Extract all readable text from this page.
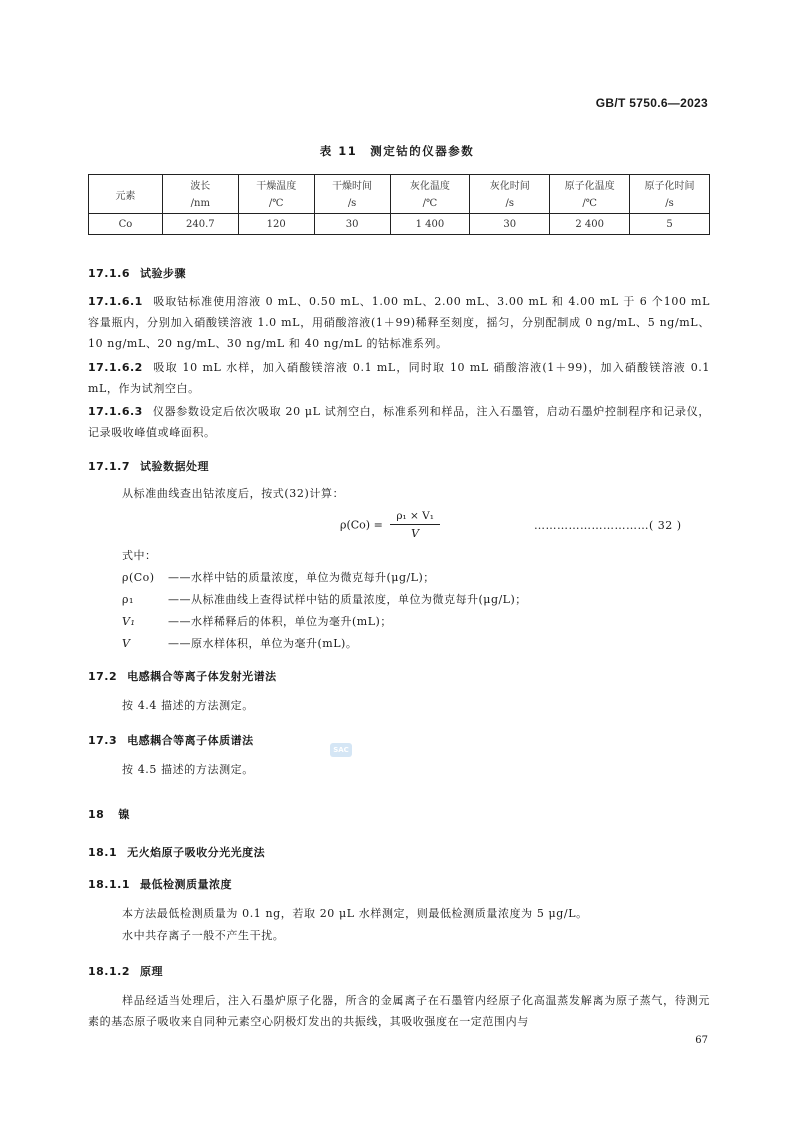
GB/T 5750.6—2023
表 11　测定钴的仪器参数
元素	波长	干燥温度	干燥时间	灰化温度	灰化时间	原子化温度	原子化时间
	/nm	/℃	/s	/℃	/s	/℃	/s
Co	240.7	120	30	1 400	30	2 400	5
17.1.6 试验步骤
17.1.6.1 吸取钴标准使用溶液 0 mL、0.50 mL、1.00 mL、2.00 mL、3.00 mL 和 4.00 mL 于 6 个100 mL 容量瓶内，分别加入硝酸镁溶液 1.0 mL，用硝酸溶液(1＋99)稀释至刻度，摇匀，分别配制成 0 ng/mL、5 ng/mL、10 ng/mL、20 ng/mL、30 ng/mL 和 40 ng/mL 的钴标准系列。
17.1.6.2 吸取 10 mL 水样，加入硝酸镁溶液 0.1 mL，同时取 10 mL 硝酸溶液(1＋99)，加入硝酸镁溶液 0.1 mL，作为试剂空白。
17.1.6.3 仪器参数设定后依次吸取 20 μL 试剂空白，标准系列和样品，注入石墨管，启动石墨炉控制程序和记录仪，记录吸收峰值或峰面积。
17.1.7 试验数据处理
从标准曲线查出钴浓度后，按式(32)计算：
$\rho(Co) = \frac{\text{ρ₁ × V₁}}{V}$	…………………………( 32 )
式中：
ρ(Co) ——水样中钴的质量浓度，单位为微克每升(μg/L)；
ρ₁	——从标准曲线上查得试样中钴的质量浓度，单位为微克每升(μg/L)；
V₁	——水样稀释后的体积，单位为毫升(mL)；
V	——原水样体积，单位为毫升(mL)。
17.2 电感耦合等离子体发射光谱法
按 4.4 描述的方法测定。
17.3 电感耦合等离子体质谱法
SAC
按 4.5 描述的方法测定。
18 镍
18.1 无火焰原子吸收分光光度法
18.1.1 最低检测质量浓度
本方法最低检测质量为 0.1 ng，若取 20 μL 水样测定，则最低检测质量浓度为 5 μg/L。
水中共存离子一般不产生干扰。
18.1.2 原理
样品经适当处理后，注入石墨炉原子化器，所含的金属离子在石墨管内经原子化高温蒸发解离为原子蒸气，待测元素的基态原子吸收来自同种元素空心阴极灯发出的共振线，其吸收强度在一定范围内与
67
